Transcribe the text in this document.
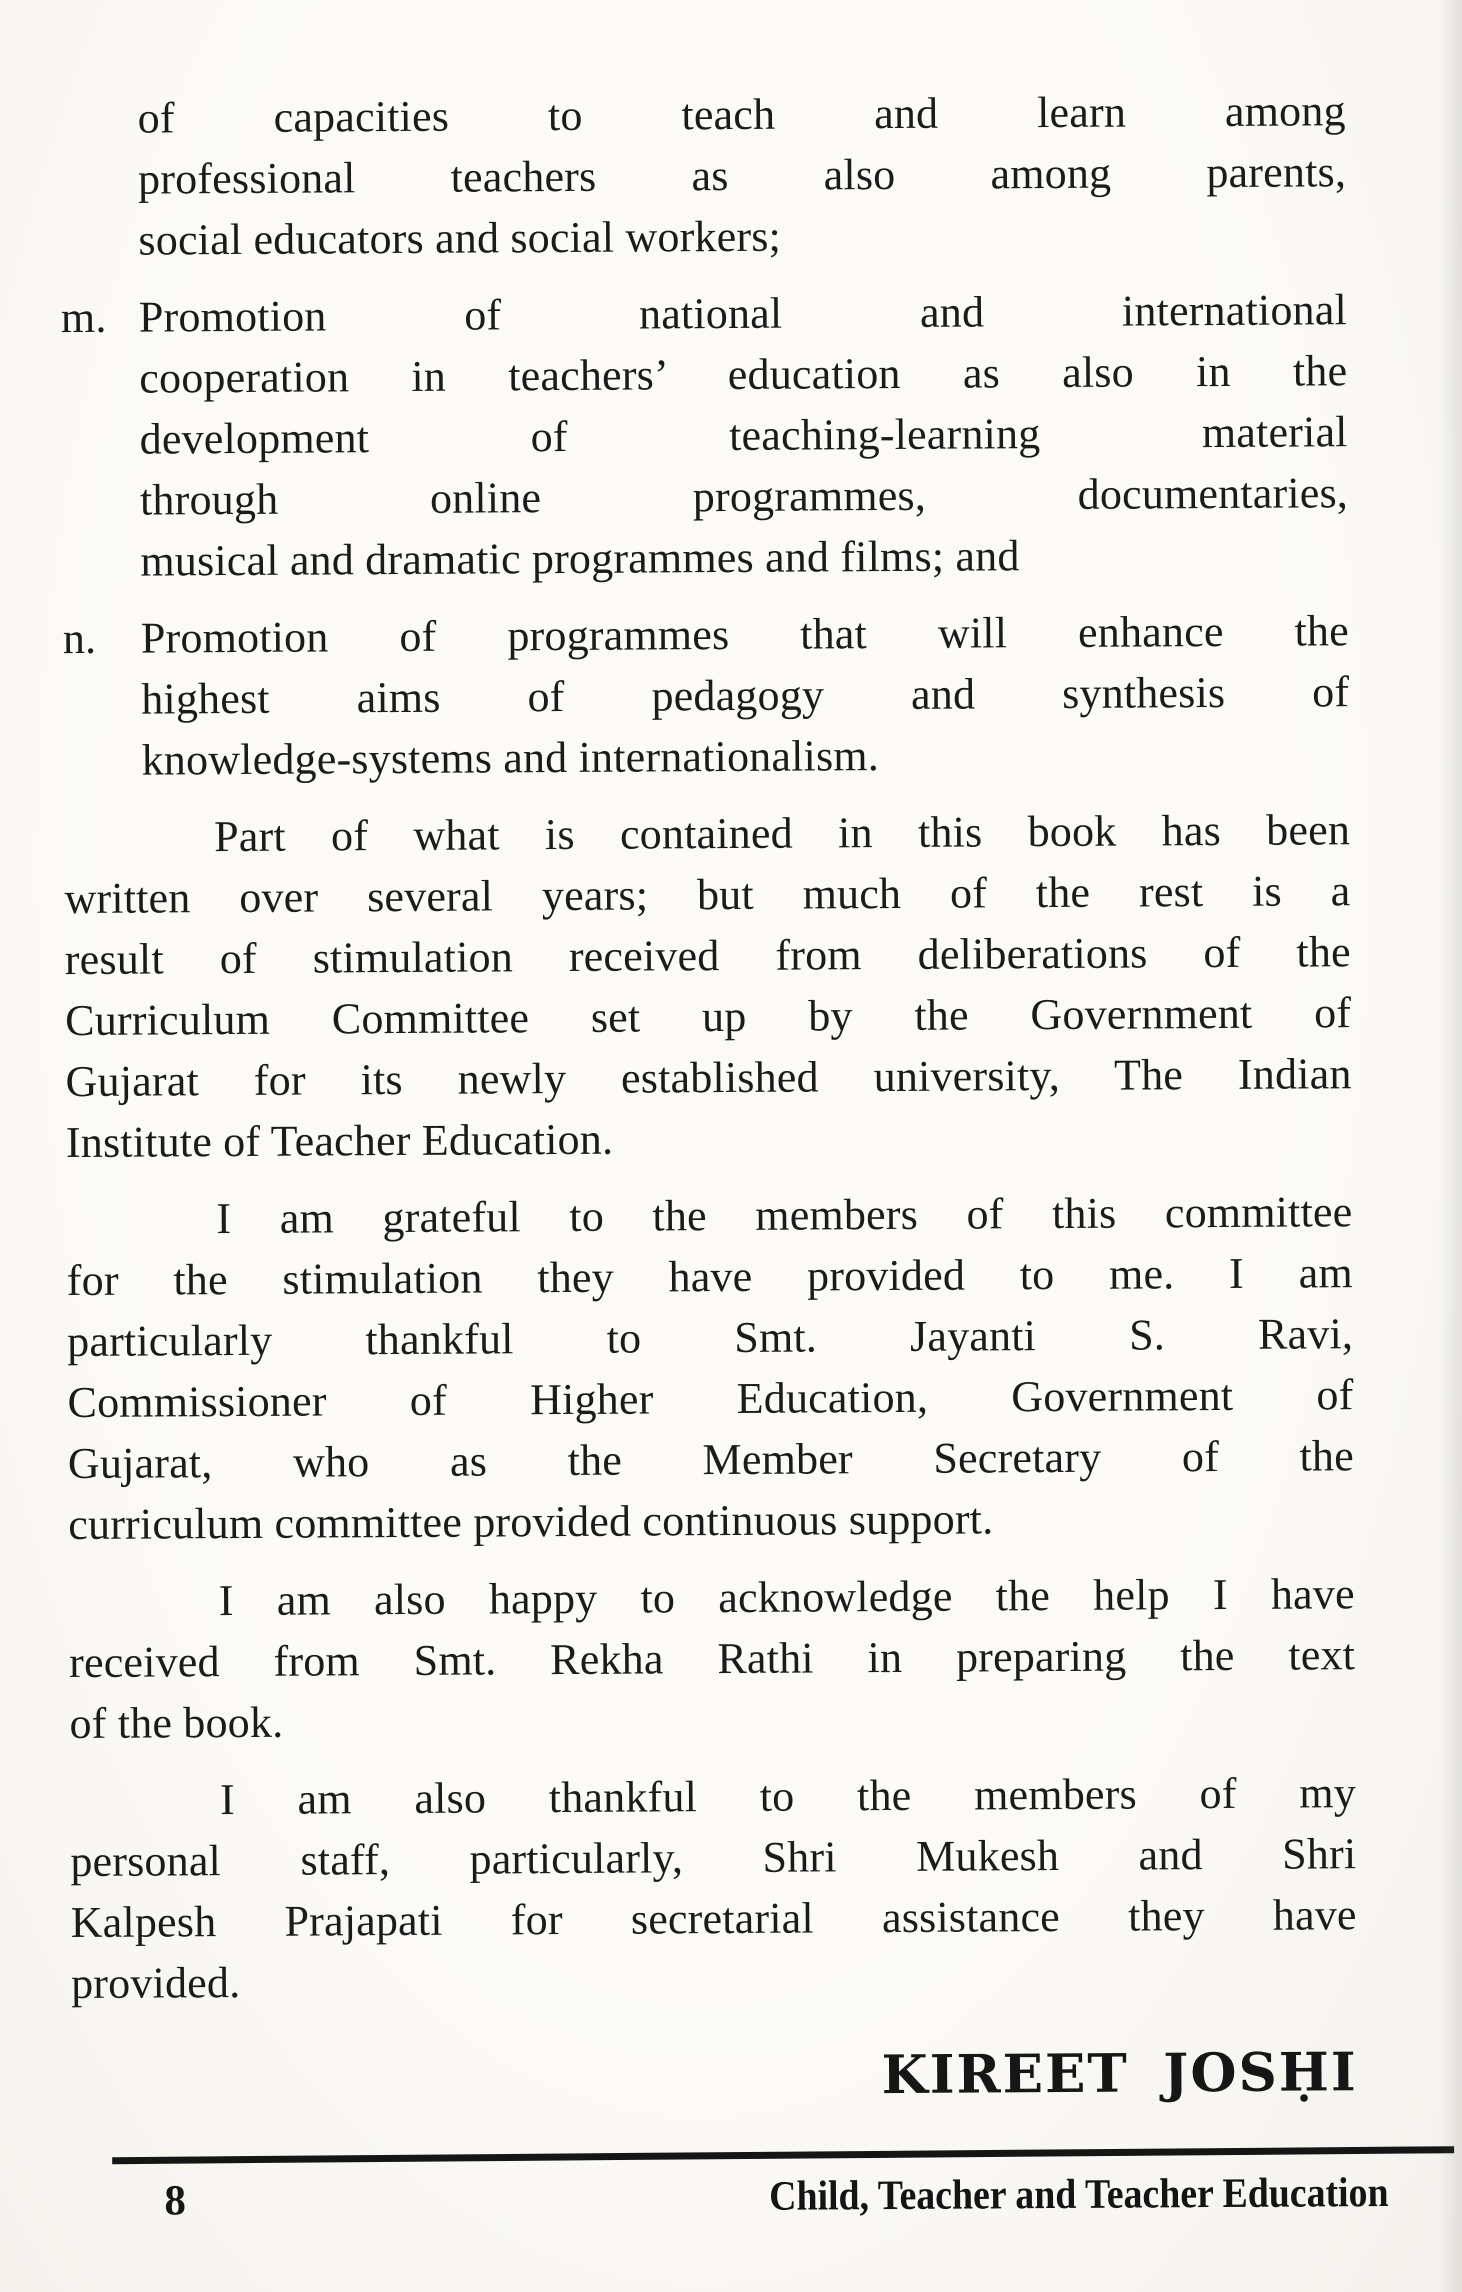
of capacities to teach and learn among
professional teachers as also among parents,
social educators and social workers;
m. Promotion of national and international
cooperation in teachers’ education as also in the
development of teaching-learning material
through online programmes, documentaries,
musical and dramatic programmes and films; and
n.	Promotion of programmes that will enhance the
highest aims of pedagogy and synthesis of
knowledge-systems and internationalism.
Part of what is contained in this book has been
written over several years; but much of the rest is a
result of stimulation received from deliberations of the
Curriculum Committee set up by the Government of
Gujarat for its newly established university, The Indian
Institute of Teacher Education.
I am grateful to the members of this committee
for the stimulation they have provided to me. I am
particularly thankful to Smt. Jayanti S. Ravi,
Commissioner of Higher Education, Government of
Gujarat, who as the Member Secretary of the
curriculum committee provided continuous support.
I am also happy to acknowledge the help I have
received from Smt. Rekha Rathi in preparing the text
of the book.
I am also thankful to the members of my
personal staff, particularly, Shri Mukesh and Shri
Kalpesh Prajapati for secretarial assistance they have
provided.
KIREET JOSḤI
8	Child, Teacher and Teacher Education
